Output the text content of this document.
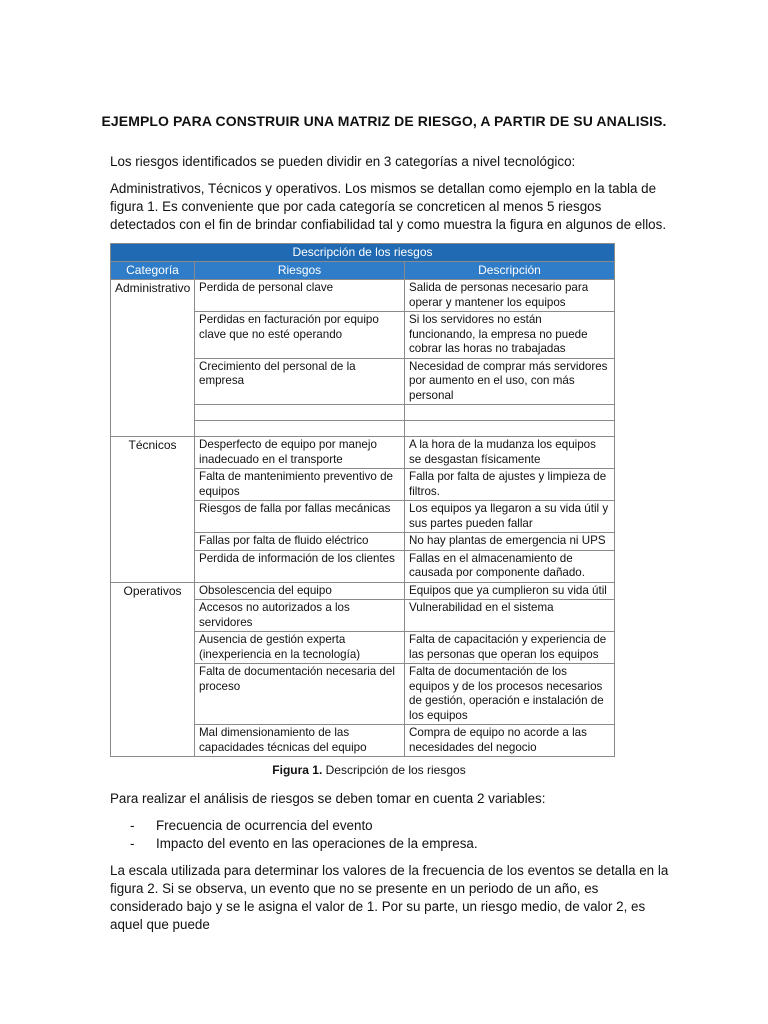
EJEMPLO PARA CONSTRUIR UNA MATRIZ DE RIESGO, A PARTIR DE SU ANALISIS.
Los riesgos identificados se pueden dividir en 3 categorías a nivel tecnológico:
Administrativos, Técnicos y operativos. Los mismos se detallan como ejemplo en la tabla de figura 1. Es conveniente que por cada categoría se concreticen al menos 5 riesgos detectados con el fin de brindar confiabilidad tal y como muestra la figura en algunos de ellos.
Descripción de los riesgos		
Categoría	Riesgos	Descripción
Administrativo	Perdida de personal clave	Salida de personas necesario para operar y mantener los equipos
	Perdidas en facturación por equipo clave que no esté operando	Si los servidores no están funcionando, la empresa no puede cobrar las horas no trabajadas
	Crecimiento del personal de la empresa	Necesidad de comprar más servidores por aumento en el uso, con más personal

Técnicos	Desperfecto de equipo por manejo inadecuado en el transporte	A la hora de la mudanza los equipos se desgastan físicamente
	Falta de mantenimiento preventivo de equipos	Falla por falta de ajustes y limpieza de filtros.
	Riesgos de falla por fallas mecánicas	Los equipos ya llegaron a su vida útil y sus partes pueden fallar
	Fallas por falta de fluido eléctrico	No hay plantas de emergencia ni UPS
	Perdida de información de los clientes	Fallas en el almacenamiento de causada por componente dañado.
Operativos	Obsolescencia del equipo	Equipos que ya cumplieron su vida útil
	Accesos no autorizados a los servidores	Vulnerabilidad en el sistema
	Ausencia de gestión experta (inexperiencia en la tecnología)	Falta de capacitación y experiencia de las personas que operan los equipos
	Falta de documentación necesaria del proceso	Falta de documentación de los equipos y de los procesos necesarios de gestión, operación e instalación de los equipos
	Mal dimensionamiento de las capacidades técnicas del equipo	Compra de equipo no acorde a las necesidades del negocio
Figura 1. Descripción de los riesgos
Para realizar el análisis de riesgos se deben tomar en cuenta 2 variables:
-	Frecuencia de ocurrencia del evento
-	Impacto del evento en las operaciones de la empresa.
La escala utilizada para determinar los valores de la frecuencia de los eventos se detalla en la figura 2. Si se observa, un evento que no se presente en un periodo de un año, es considerado bajo y se le asigna el valor de 1. Por su parte, un riesgo medio, de valor 2, es aquel que puede
